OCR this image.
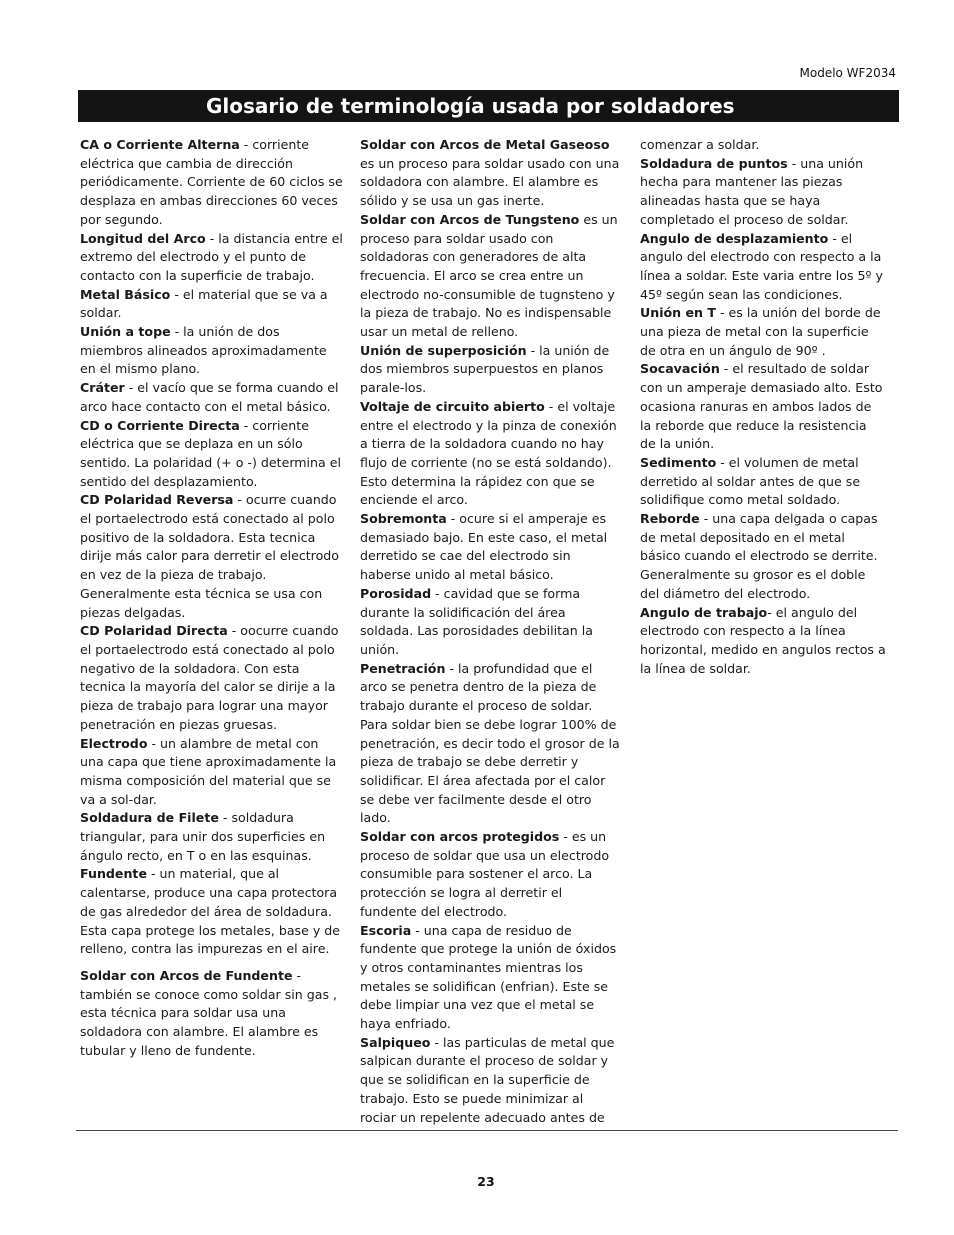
Modelo WF2034
Glosario de terminología usada por soldadores

CA o Corriente Alterna - corriente eléctrica que cambia de dirección periódicamente. Corriente de 60 ciclos se desplaza en ambas direcciones 60 veces por segundo.

Longitud del Arco - la distancia entre el extremo del electrodo y el punto de contacto con la superficie de trabajo.

Metal Básico - el material que se va a soldar.

Unión a tope - la unión de dos miembros alineados aproximadamente en el mismo plano.

Cráter - el vacío que se forma cuando el arco hace contacto con el metal básico.

CD o Corriente Directa - corriente eléctrica que se deplaza en un sólo sentido. La polaridad (+ o -) determina el sentido del desplazamiento.

CD Polaridad Reversa - ocurre cuando el portaelectrodo está conectado al polo positivo de la soldadora. Esta tecnica dirije más calor para derretir el electrodo en vez de la pieza de trabajo. Generalmente esta técnica se usa con piezas delgadas.

CD Polaridad Directa - oocurre cuando el portaelectrodo está conectado al polo negativo de la soldadora. Con esta tecnica la mayoría del calor se dirije a la pieza de trabajo para lograr una mayor penetración en piezas gruesas.

Electrodo - un alambre de metal con una capa que tiene aproximadamente la misma composición del material que se va a sol-dar.

Soldadura de Filete - soldadura triangular, para unir dos superficies en ángulo recto, en T o en las esquinas.

Fundente - un material, que al calentarse, produce una capa protectora de gas alrededor del área de soldadura. Esta capa protege los metales, base y de relleno, contra las impurezas en el aire.

Soldar con Arcos de Fundente - también se conoce como soldar sin gas , esta técnica para soldar usa una soldadora con alambre. El alambre es tubular y lleno de fundente.

Soldar con Arcos de Metal Gaseoso es un proceso para soldar usado con una soldadora con alambre. El alambre es sólido y se usa un gas inerte.

Soldar con Arcos de Tungsteno es un proceso para soldar usado con soldadoras con generadores de alta frecuencia. El arco se crea entre un electrodo no-consumible de tugnsteno y la pieza de trabajo. No es indispensable usar un metal de relleno.

Unión de superposición - la unión de dos miembros superpuestos en planos parale-los.

Voltaje de circuito abierto - el voltaje entre el electrodo y la pinza de conexión a tierra de la soldadora cuando no hay flujo de corriente (no se está soldando). Esto determina la rápidez con que se enciende el arco.

Sobremonta - ocure si el amperaje es demasiado bajo. En este caso, el metal derretido se cae del electrodo sin haberse unido al metal básico.

Porosidad - cavidad que se forma durante la solidificación del área soldada. Las porosidades debilitan la unión.

Penetración - la profundidad que el arco se penetra dentro de la pieza de trabajo durante el proceso de soldar. Para soldar bien se debe lograr 100% de penetración, es decir todo el grosor de la pieza de trabajo se debe derretir y solidificar. El área afectada por el calor se debe ver facilmente desde el otro lado.

Soldar con arcos protegidos - es un proceso de soldar que usa un electrodo consumible para sostener el arco. La protección se logra al derretir el fundente del electrodo.

Escoria - una capa de residuo de fundente que protege la unión de óxidos y otros contaminantes mientras los metales se solidifican (enfrian). Este se debe limpiar una vez que el metal se haya enfriado.

Salpiqueo - las particulas de metal que salpican durante el proceso de soldar y que se solidifican en la superficie de trabajo. Esto se puede minimizar al rociar un repelente adecuado antes de

comenzar a soldar.

Soldadura de puntos - una unión hecha para mantener las piezas alineadas hasta que se haya completado el proceso de soldar.

Angulo de desplazamiento - el angulo del electrodo con respecto a la línea a soldar. Este varia entre los 5º y 45º según sean las condiciones.

Unión en T - es la unión del borde de una pieza de metal con la superficie de otra en un ángulo de 90º .

Socavación - el resultado de soldar con un amperaje demasiado alto. Esto ocasiona ranuras en ambos lados de la reborde que reduce la resistencia de la unión.

Sedimento - el volumen de metal derretido al soldar antes de que se solidifique como metal soldado.

Reborde - una capa delgada o capas de metal depositado en el metal básico cuando el electrodo se derrite. Generalmente su grosor es el doble del diámetro del electrodo.

Angulo de trabajo- el angulo del electrodo con respecto a la línea horizontal, medido en angulos rectos a la línea de soldar.

23
